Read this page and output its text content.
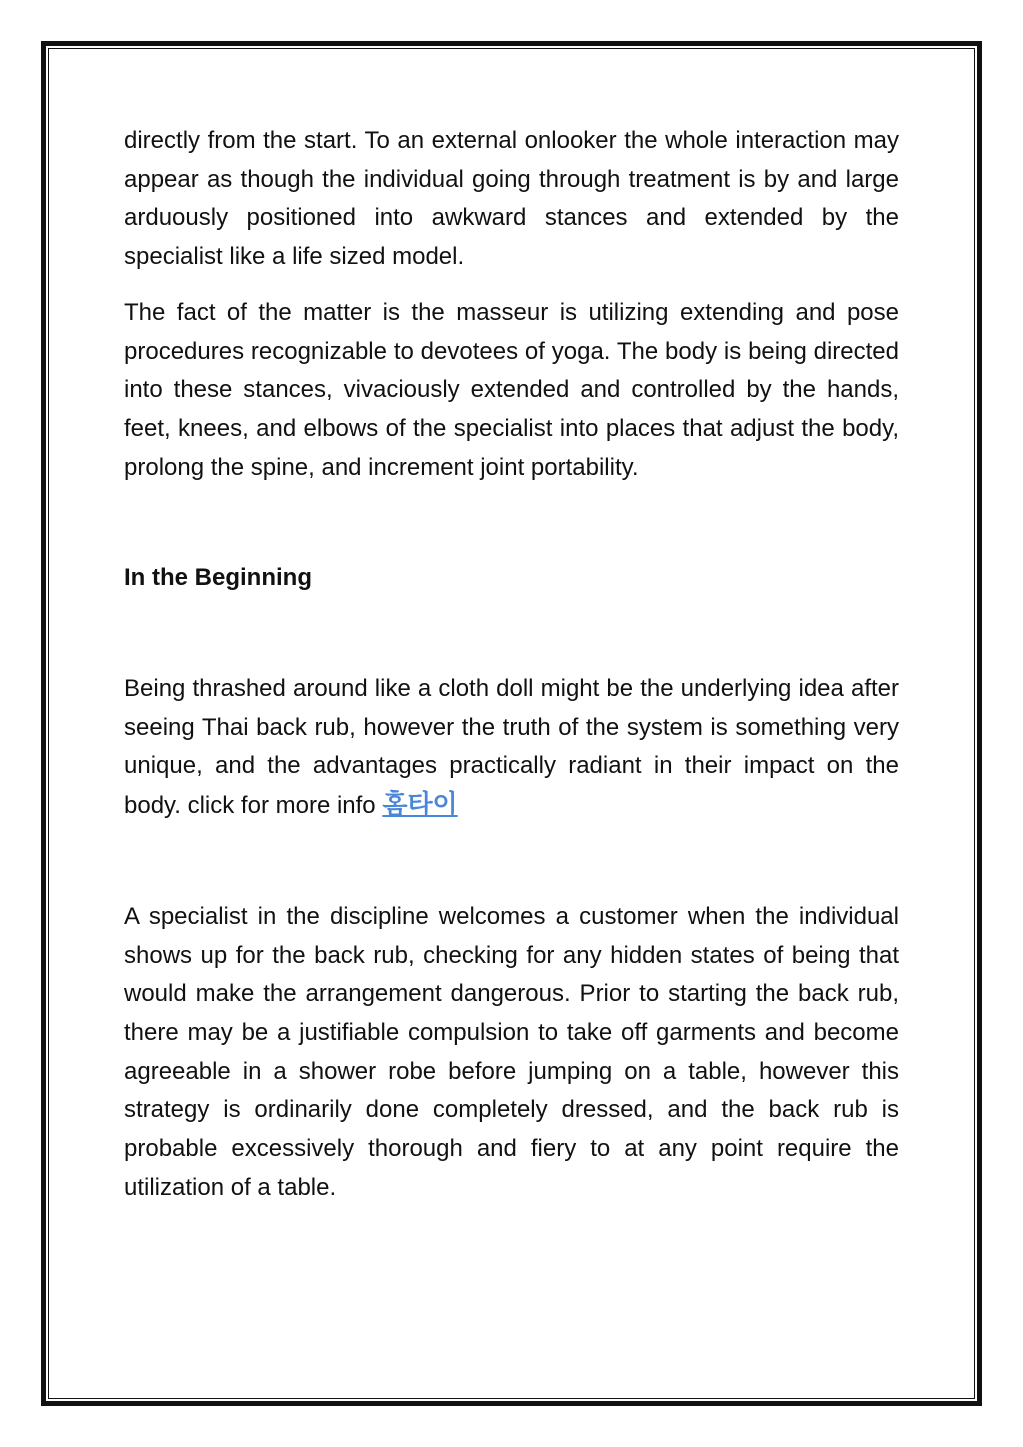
directly from the start. To an external onlooker the whole interaction may appear as though the individual going through treatment is by and large arduously positioned into awkward stances and extended by the specialist like a life sized model.

The fact of the matter is the masseur is utilizing extending and pose procedures recognizable to devotees of yoga. The body is being directed into these stances, vivaciously extended and controlled by the hands, feet, knees, and elbows of the specialist into places that adjust the body, prolong the spine, and increment joint portability.

In the Beginning

Being thrashed around like a cloth doll might be the underlying idea after seeing Thai back rub, however the truth of the system is something very unique, and the advantages practically radiant in their impact on the body. click for more info 홈타이

A specialist in the discipline welcomes a customer when the individual shows up for the back rub, checking for any hidden states of being that would make the arrangement dangerous. Prior to starting the back rub, there may be a justifiable compulsion to take off garments and become agreeable in a shower robe before jumping on a table, however this strategy is ordinarily done completely dressed, and the back rub is probable excessively thorough and fiery to at any point require the utilization of a table.
